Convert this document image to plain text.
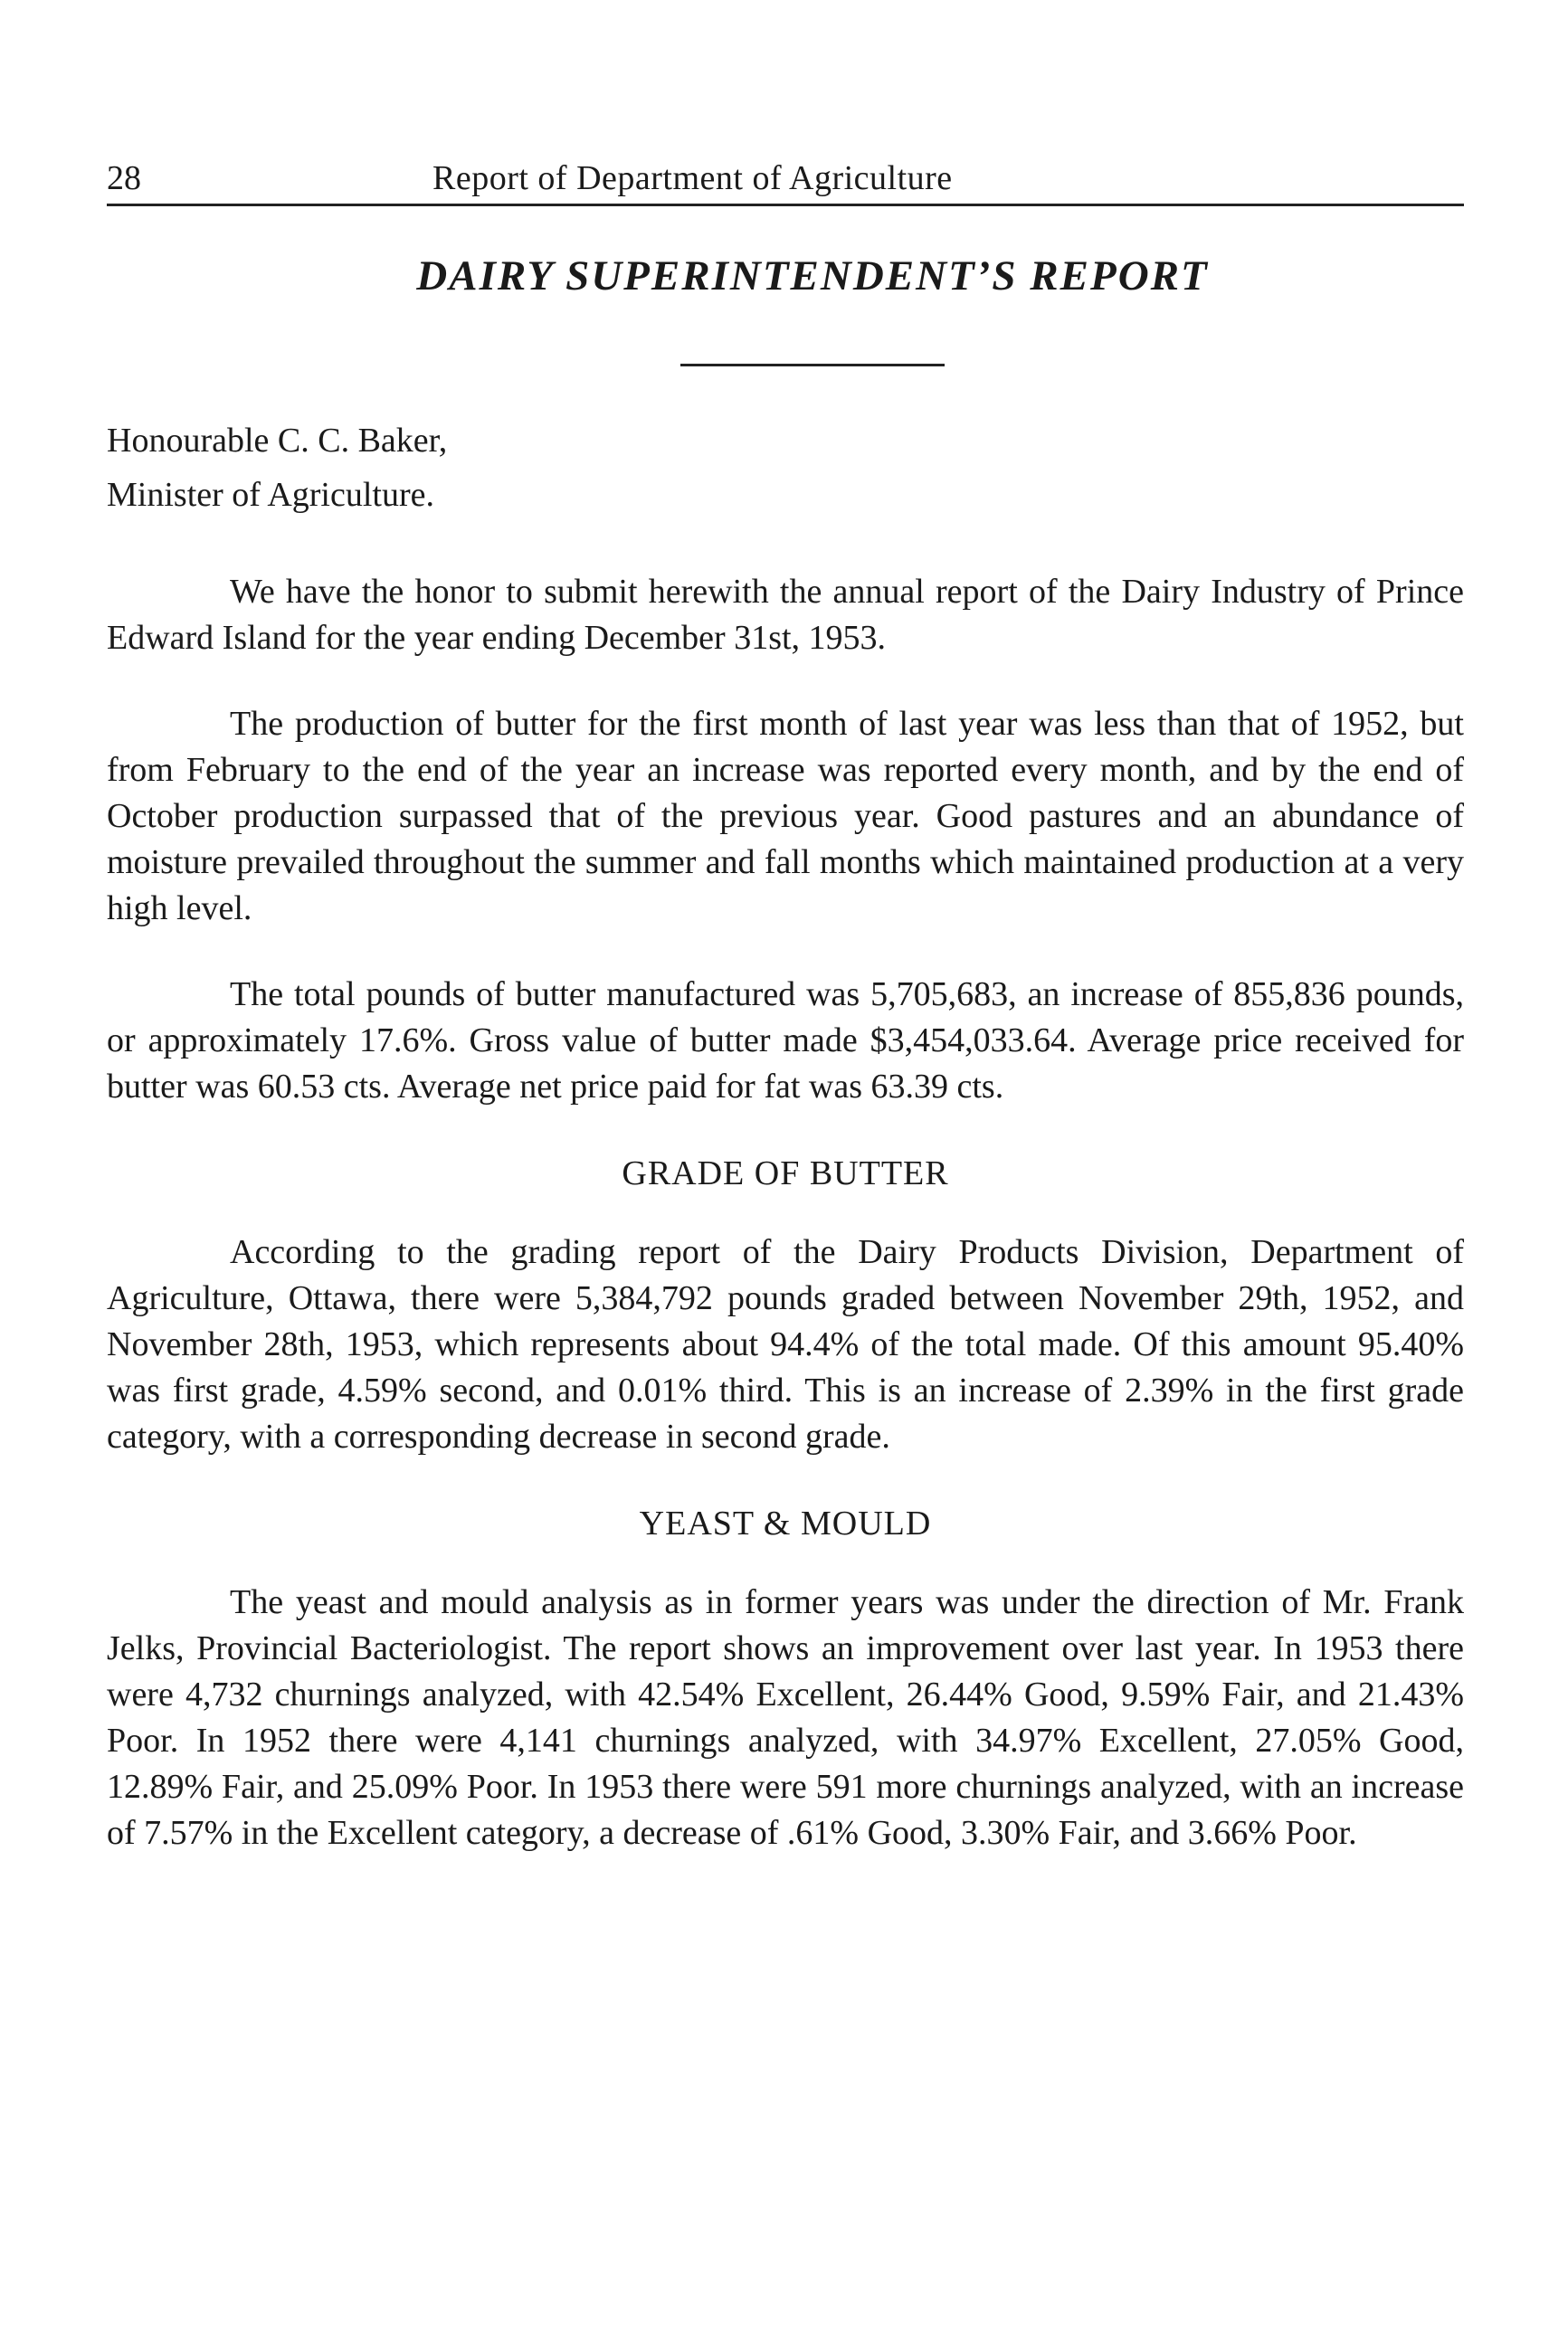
28	Report of Department of Agriculture
DAIRY SUPERINTENDENT’S REPORT
Honourable C. C. Baker,
Minister of Agriculture.

We have the honor to submit herewith the annual report of the Dairy Industry of Prince Edward Island for the year ending December 31st, 1953.

The production of butter for the first month of last year was less than that of 1952, but from February to the end of the year an increase was reported every month, and by the end of October production surpassed that of the previous year. Good pastures and an abundance of moisture prevailed throughout the summer and fall months which maintained production at a very high level.

The total pounds of butter manufactured was 5,705,683, an increase of 855,836 pounds, or approximately 17.6%. Gross value of butter made $3,454,033.64. Average price received for butter was 60.53 cts. Average net price paid for fat was 63.39 cts.

GRADE OF BUTTER

According to the grading report of the Dairy Products Division, Department of Agriculture, Ottawa, there were 5,384,792 pounds graded between November 29th, 1952, and November 28th, 1953, which represents about 94.4% of the total made. Of this amount 95.40% was first grade, 4.59% second, and 0.01% third. This is an increase of 2.39% in the first grade category, with a corresponding decrease in second grade.

YEAST & MOULD

The yeast and mould analysis as in former years was under the direction of Mr. Frank Jelks, Provincial Bacteriologist. The report shows an improvement over last year. In 1953 there were 4,732 churnings analyzed, with 42.54% Excellent, 26.44% Good, 9.59% Fair, and 21.43% Poor. In 1952 there were 4,141 churnings analyzed, with 34.97% Excellent, 27.05% Good, 12.89% Fair, and 25.09% Poor. In 1953 there were 591 more churnings analyzed, with an increase of 7.57% in the Excellent category, a decrease of .61% Good, 3.30% Fair, and 3.66% Poor.
